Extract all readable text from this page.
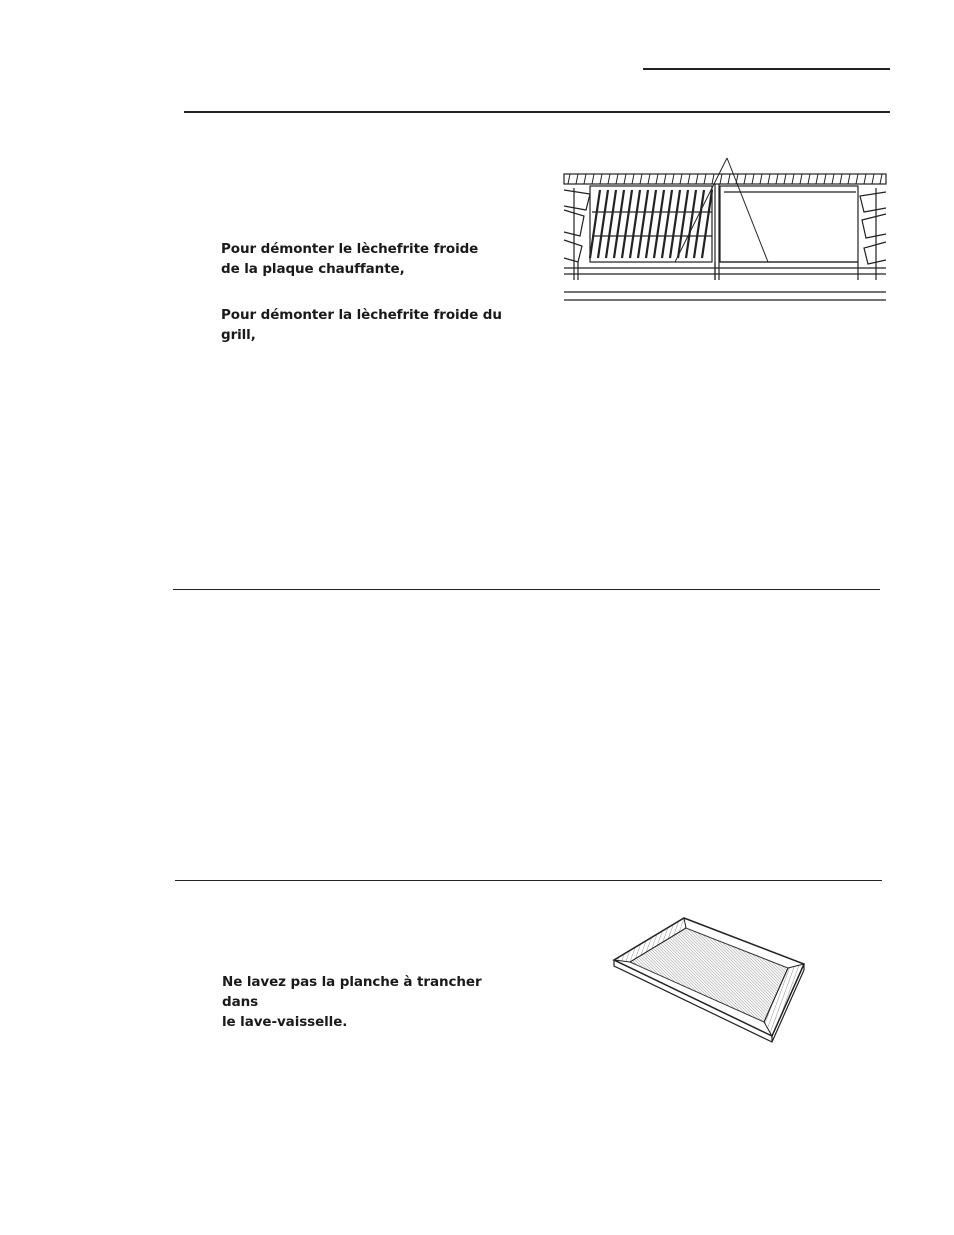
Pour démonter le lèchefrite froide
de la plaque chauffante,
Pour démonter la lèchefrite froide du grill,
Ne lavez pas la planche à trancher dans
le lave-vaisselle.
